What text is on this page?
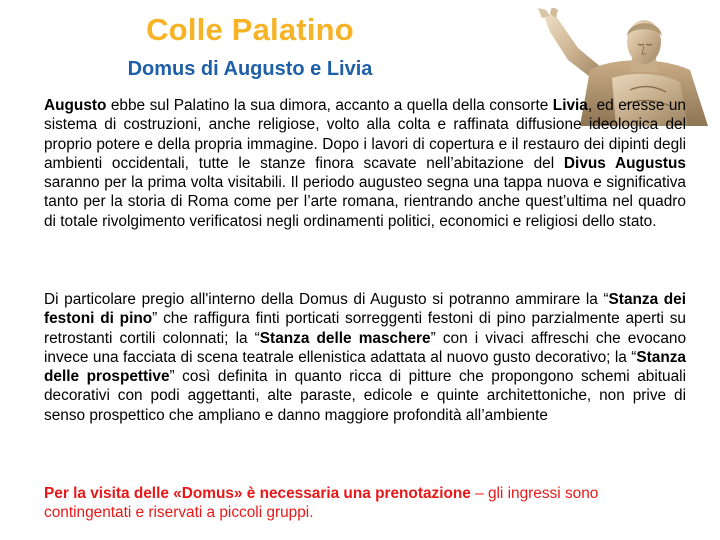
Colle Palatino
Domus di Augusto e Livia

Augusto ebbe sul Palatino la sua dimora, accanto a quella della consorte Livia, ed eresse un sistema di costruzioni, anche religiose, volto alla colta e raffinata diffusione ideologica del proprio potere e della propria immagine. Dopo i lavori di copertura e il restauro dei dipinti degli ambienti occidentali, tutte le stanze finora scavate nell’abitazione del Divus Augustus saranno per la prima volta visitabili. Il periodo augusteo segna una tappa nuova e significativa tanto per la storia di Roma come per l’arte romana, rientrando anche quest’ultima nel quadro di totale rivolgimento verificatosi negli ordinamenti politici, economici e religiosi dello stato.

Di particolare pregio all'interno della Domus di Augusto si potranno ammirare la “Stanza dei festoni di pino” che raffigura finti porticati sorreggenti festoni di pino parzialmente aperti su retrostanti cortili colonnati; la “Stanza delle maschere” con i vivaci affreschi che evocano invece una facciata di scena teatrale ellenistica adattata al nuovo gusto decorativo; la “Stanza delle prospettive” così definita in quanto ricca di pitture che propongono schemi abituali decorativi con podi aggettanti, alte paraste, edicole e quinte architettoniche, non prive di senso prospettico che ampliano e danno maggiore profondità all’ambiente

Per la visita delle «Domus» è necessaria una prenotazione – gli ingressi sono contingentati e riservati a piccoli gruppi.
